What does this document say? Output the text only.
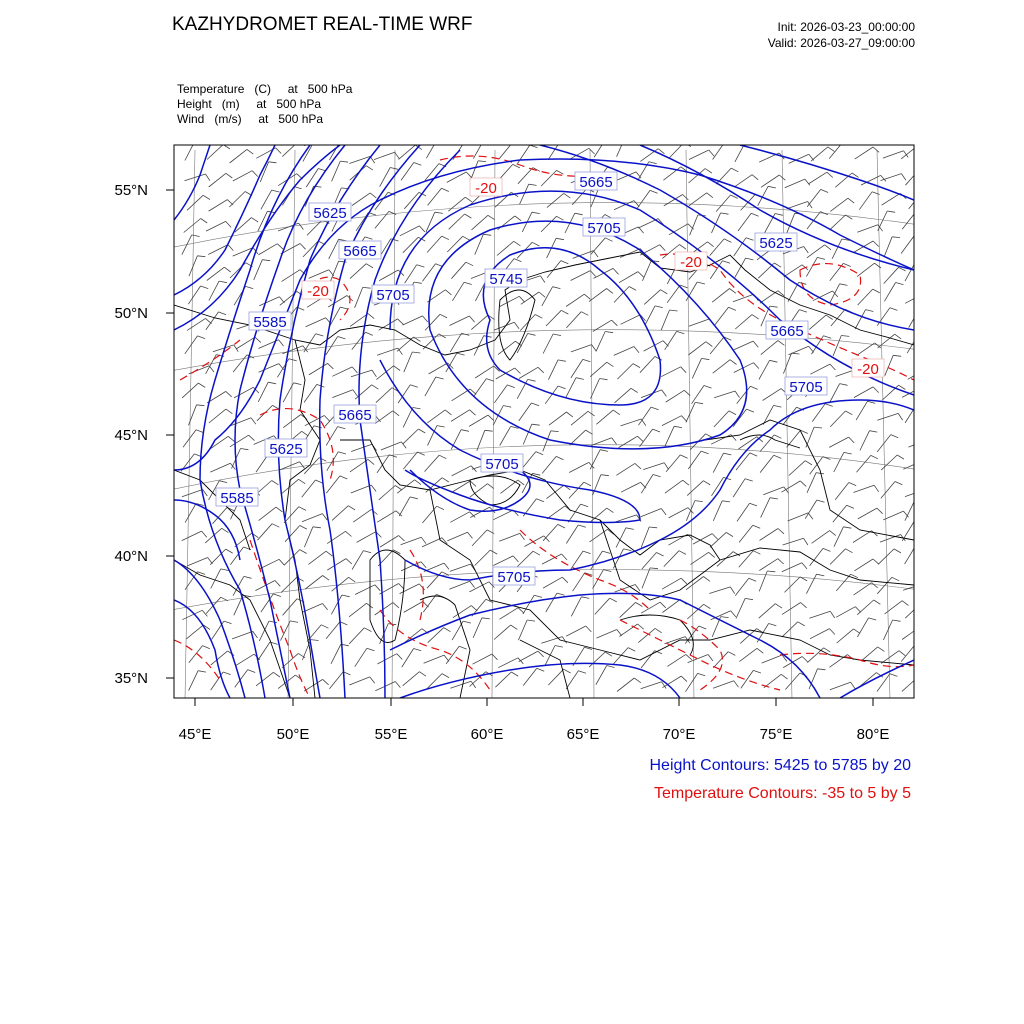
KAZHYDROMET REAL-TIME WRF	Init: 2026-03-23_00:00:00
Valid: 2026-03-27_09:00:00
Temperature   (C)     at   500 hPa
Height   (m)     at   500 hPa
Wind   (m/s)     at   500 hPa
55°N
50°N
45°N
40°N
35°N
45°E	50°E	55°E	60°E	65°E	70°E	75°E	80°E
5625
5665
5705
5585
5745
5665
5705
5625
5665
5705
5665
5625
5585
5705
5705
-20
-20
-20
-20
Height Contours: 5425 to 5785 by 20
Temperature Contours: -35 to 5 by 5
